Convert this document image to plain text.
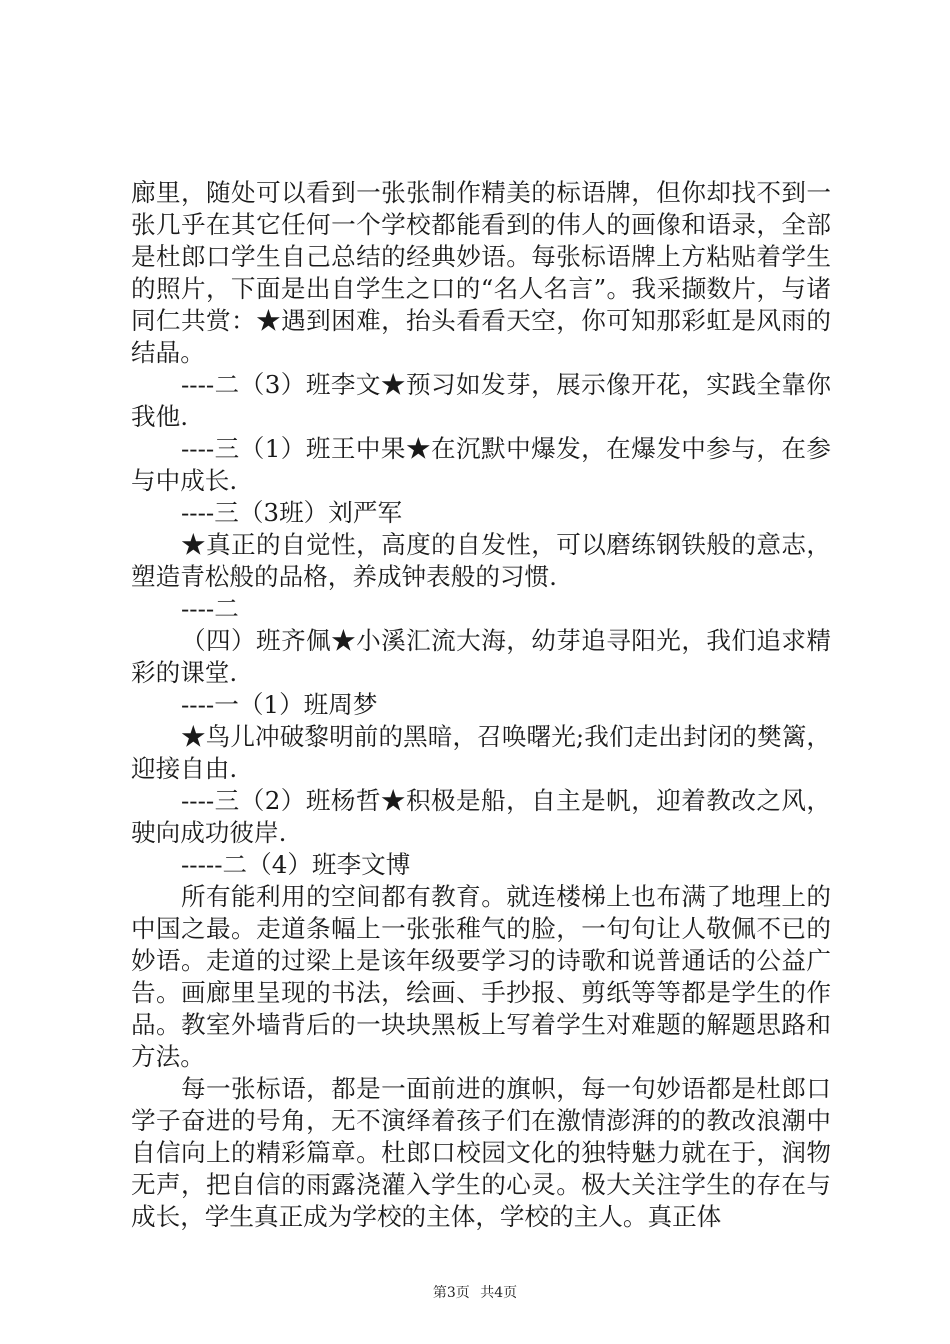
廊里，随处可以看到一张张制作精美的标语牌，但你却找不到一张几乎在其它任何一个学校都能看到的伟人的画像和语录，全部是杜郎口学生自己总结的经典妙语。每张标语牌上方粘贴着学生的照片，下面是出自学生之口的“名人名言”。我采撷数片，与诸同仁共赏：★遇到困难，抬头看看天空，你可知那彩虹是风雨的结晶。

----二（3）班李文★预习如发芽，展示像开花，实践全靠你我他.

----三（1）班王中果★在沉默中爆发，在爆发中参与，在参与中成长.

----三（3班）刘严军

★真正的自觉性，高度的自发性，可以磨练钢铁般的意志，塑造青松般的品格，养成钟表般的习惯.

----二

（四）班齐佩★小溪汇流大海，幼芽追寻阳光，我们追求精彩的课堂.

----一（1）班周梦

★鸟儿冲破黎明前的黑暗，召唤曙光;我们走出封闭的樊篱，迎接自由.

----三（2）班杨哲★积极是船，自主是帆，迎着教改之风，驶向成功彼岸.

-----二（4）班李文博

所有能利用的空间都有教育。就连楼梯上也布满了地理上的中国之最。走道条幅上一张张稚气的脸，一句句让人敬佩不已的妙语。走道的过梁上是该年级要学习的诗歌和说普通话的公益广告。画廊里呈现的书法，绘画、手抄报、剪纸等等都是学生的作品。教室外墙背后的一块块黑板上写着学生对难题的解题思路和方法。

每一张标语，都是一面前进的旗帜，每一句妙语都是杜郎口学子奋进的号角，无不演绎着孩子们在激情澎湃的的教改浪潮中自信向上的精彩篇章。杜郎口校园文化的独特魅力就在于，润物无声，把自信的雨露浇灌入学生的心灵。极大关注学生的存在与成长，学生真正成为学校的主体，学校的主人。真正体

第3页 共4页
